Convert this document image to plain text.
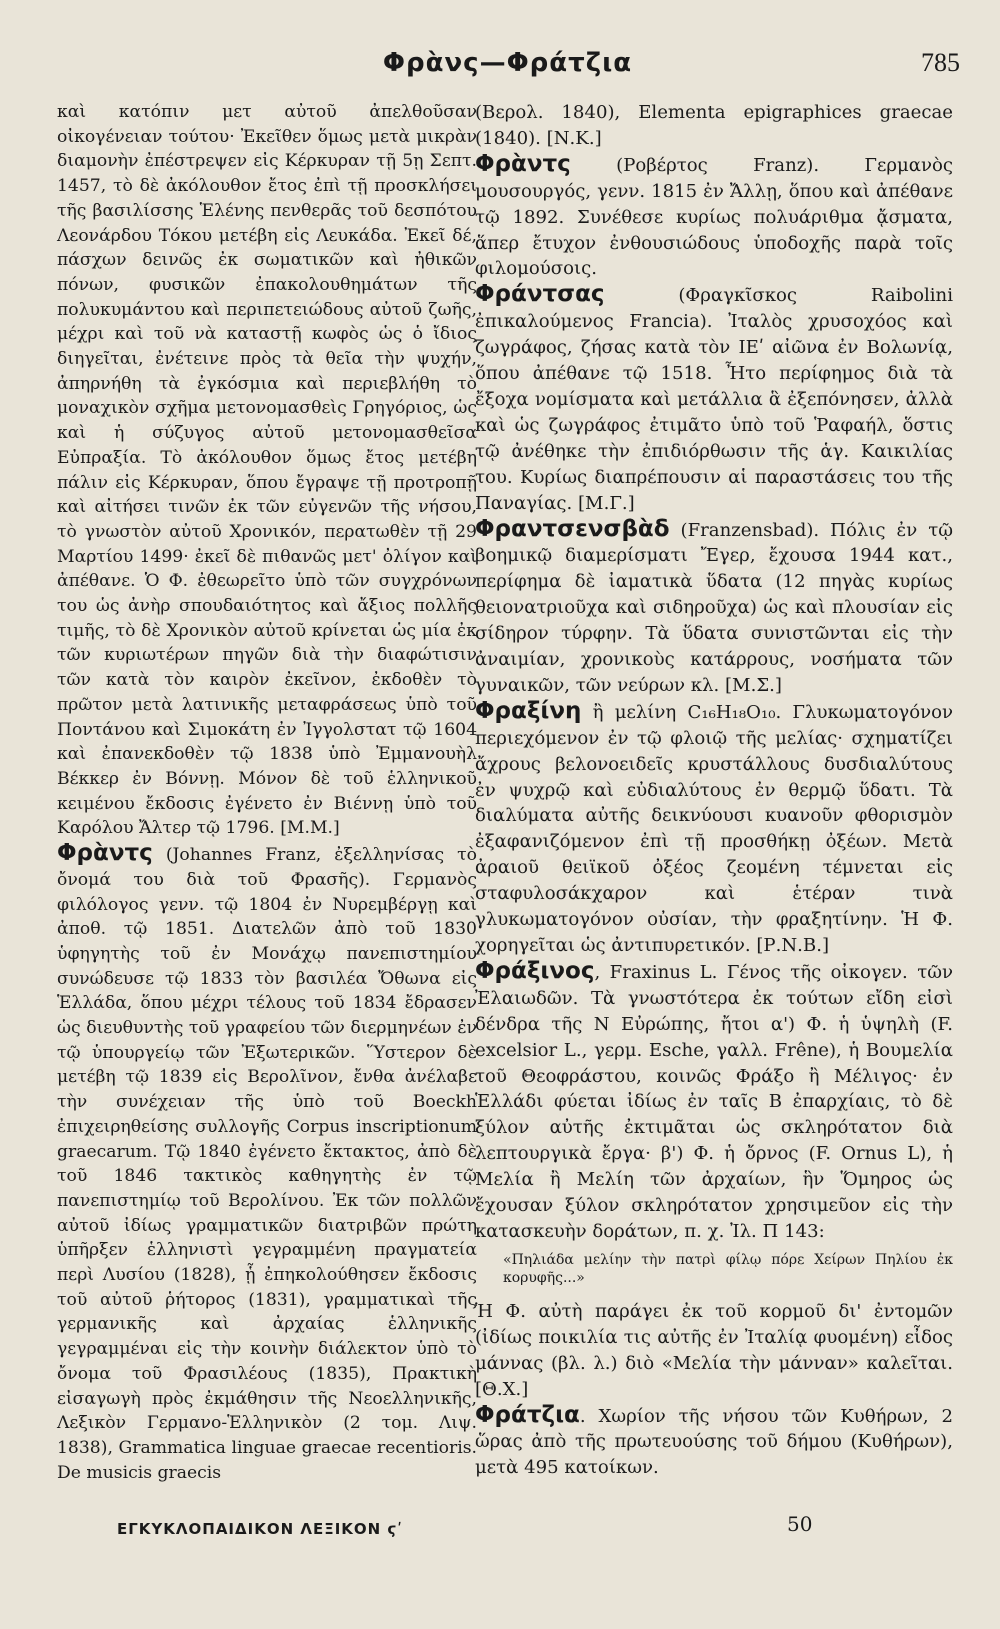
Φρὰνς—Φράτζια	785

καὶ κατόπιν μετ αὐτοῦ ἀπελθοῦσαν οἰκογένειαν τούτου· Ἐκεῖθεν ὅμως μετὰ μικρὰν διαμονὴν ἐπέστρεψεν εἰς Κέρκυραν τῇ 5ῃ Σεπτ. 1457, τὸ δὲ ἀκόλουθον ἔτος ἐπὶ τῇ προσκλήσει τῆς βασιλίσσης Ἑλένης πενθερᾶς τοῦ δεσπότου Λεονάρδου Τόκου μετέβη εἰς Λευκάδα. Ἐκεῖ δέ, πάσχων δεινῶς ἐκ σωματικῶν καὶ ἠθικῶν πόνων, φυσικῶν ἐπακολουθημάτων τῆς πολυκυμάντου καὶ περιπετειώδους αὐτοῦ ζωῆς, μέχρι καὶ τοῦ νὰ καταστῇ κωφὸς ὡς ὁ ἴδιος διηγεῖται, ἐνέτεινε πρὸς τὰ θεῖα τὴν ψυχήν, ἀπηρνήθη τὰ ἐγκόσμια καὶ περιεβλήθη τὸ μοναχικὸν σχῆμα μετονομασθεὶς Γρηγόριος, ὡς καὶ ἡ σύζυγος αὐτοῦ μετονομασθεῖσα Εὐπραξία. Τὸ ἀκόλουθον ὅμως ἔτος μετέβη πάλιν εἰς Κέρκυραν, ὅπου ἔγραψε τῇ προτροπῇ καὶ αἰτήσει τινῶν ἐκ τῶν εὐγενῶν τῆς νήσου, τὸ γνωστὸν αὐτοῦ Χρονικόν, περατωθὲν τῇ 29 Μαρτίου 1499· ἐκεῖ δὲ πιθανῶς μετ' ὀλίγον καὶ ἀπέθανε. Ὁ Φ. ἐθεωρεῖτο ὑπὸ τῶν συγχρόνων του ὡς ἀνὴρ σπουδαιότητος καὶ ἄξιος πολλῆς τιμῆς, τὸ δὲ Χρονικὸν αὐτοῦ κρίνεται ὡς μία ἐκ τῶν κυριωτέρων πηγῶν διὰ τὴν διαφώτισιν τῶν κατὰ τὸν καιρὸν ἐκεῖνον, ἐκδοθὲν τὸ πρῶτον μετὰ λατινικῆς μεταφράσεως ὑπὸ τοῦ Ποντάνου καὶ Σιμοκάτη ἐν Ἰγγολστατ τῷ 1604 καὶ ἐπανεκδοθὲν τῷ 1838 ὑπὸ Ἐμμανουὴλ Βέκκερ ἐν Βόννῃ. Μόνον δὲ τοῦ ἑλληνικοῦ κειμένου ἔκδοσις ἐγένετο ἐν Βιέννῃ ὑπὸ τοῦ Καρόλου Ἄλτερ τῷ 1796. [Μ.Μ.]

Φρὰντς (Johannes Franz, ἐξελληνίσας τὸ ὄνομά του διὰ τοῦ Φρασῆς). Γερμανὸς φιλόλογος γενν. τῷ 1804 ἐν Νυρεμβέργῃ καὶ ἀποθ. τῷ 1851. Διατελῶν ἀπὸ τοῦ 1830 ὑφηγητὴς τοῦ ἐν Μονάχῳ πανεπιστημίου συνώδευσε τῷ 1833 τὸν βασιλέα Ὄθωνα εἰς Ἑλλάδα, ὅπου μέχρι τέλους τοῦ 1834 ἔδρασεν ὡς διευθυντὴς τοῦ γραφείου τῶν διερμηνέων ἐν τῷ ὑπουργείῳ τῶν Ἐξωτερικῶν. Ὕστερον δὲ μετέβη τῷ 1839 εἰς Βερολῖνον, ἔνθα ἀνέλαβε τὴν συνέχειαν τῆς ὑπὸ τοῦ Boeckh ἐπιχειρηθείσης συλλογῆς Corpus inscriptionum graecarum. Τῷ 1840 ἐγένετο ἔκτακτος, ἀπὸ δὲ τοῦ 1846 τακτικὸς καθηγητὴς ἐν τῷ πανεπιστημίῳ τοῦ Βερολίνου. Ἐκ τῶν πολλῶν αὐτοῦ ἰδίως γραμματικῶν διατριβῶν πρώτη ὑπῆρξεν ἑλληνιστὶ γεγραμμένη πραγματεία περὶ Λυσίου (1828), ᾗ ἐπηκολούθησεν ἔκδοσις τοῦ αὐτοῦ ῥήτορος (1831), γραμματικαὶ τῆς γερμανικῆς καὶ ἀρχαίας ἑλληνικῆς γεγραμμέναι εἰς τὴν κοινὴν διάλεκτον ὑπὸ τὸ ὄνομα τοῦ Φρασιλέους (1835), Πρακτικὴ εἰσαγωγὴ πρὸς ἐκμάθησιν τῆς Νεοελληνικῆς, Λεξικὸν Γερμανο-Ἑλληνικὸν (2 τομ. Λιψ. 1838), Grammatica linguae graecae recentioris. De musicis graecis

(Βερολ. 1840), Elementa epigraphices graecae (1840). [Ν.Κ.]

Φρὰντς (Ροβέρτος Franz). Γερμανὸς μουσουργός, γενν. 1815 ἐν Ἄλλῃ, ὅπου καὶ ἀπέθανε τῷ 1892. Συνέθεσε κυρίως πολυάριθμα ᾄσματα, ἅπερ ἔτυχον ἐνθουσιώδους ὑποδοχῆς παρὰ τοῖς φιλομούσοις.

Φράντσας (Φραγκῖσκος Raibolini ἐπικαλούμενος Francia). Ἰταλὸς χρυσοχόος καὶ ζωγράφος, ζήσας κατὰ τὸν ΙΕʹ αἰῶνα ἐν Βολωνίᾳ, ὅπου ἀπέθανε τῷ 1518. Ἦτο περίφημος διὰ τὰ ἔξοχα νομίσματα καὶ μετάλλια ἃ ἐξεπόνησεν, ἀλλὰ καὶ ὡς ζωγράφος ἐτιμᾶτο ὑπὸ τοῦ Ῥαφαήλ, ὅστις τῷ ἀνέθηκε τὴν ἐπιδιόρθωσιν τῆς ἁγ. Καικιλίας του. Κυρίως διαπρέπουσιν αἱ παραστάσεις του τῆς Παναγίας. [Μ.Γ.]

Φραντσενσβὰδ (Franzensbad). Πόλις ἐν τῷ βοημικῷ διαμερίσματι Ἔγερ, ἔχουσα 1944 κατ., περίφημα δὲ ἰαματικὰ ὕδατα (12 πηγὰς κυρίως θειονατριοῦχα καὶ σιδηροῦχα) ὡς καὶ πλουσίαν εἰς σίδηρον τύρφην. Τὰ ὕδατα συνιστῶνται εἰς τὴν ἀναιμίαν, χρονικοὺς κατάρρους, νοσήματα τῶν γυναικῶν, τῶν νεύρων κλ. [Μ.Σ.]

Φραξίνη ἢ μελίνη C₁₆H₁₈O₁₀. Γλυκωματογόνον περιεχόμενον ἐν τῷ φλοιῷ τῆς μελίας· σχηματίζει ἄχρους βελονοειδεῖς κρυστάλλους δυσδιαλύτους ἐν ψυχρῷ καὶ εὐδιαλύτους ἐν θερμῷ ὕδατι. Τὰ διαλύματα αὐτῆς δεικνύουσι κυανοῦν φθορισμὸν ἐξαφανιζόμενον ἐπὶ τῇ προσθήκῃ ὀξέων. Μετὰ ἀραιοῦ θειϊκοῦ ὀξέος ζεομένη τέμνεται εἰς σταφυλοσάκχαρον καὶ ἑτέραν τινὰ γλυκωματογόνον οὐσίαν, τὴν φραξητίνην. Ἡ Φ. χορηγεῖται ὡς ἀντιπυρετικόν. [Ρ.Ν.Β.]

Φράξινος, Fraxinus L. Γένος τῆς οἰκογεν. τῶν Ἐλαιωδῶν. Τὰ γνωστότερα ἐκ τούτων εἴδη εἰσὶ δένδρα τῆς Ν Εὐρώπης, ἤτοι α') Φ. ἡ ὑψηλὴ (F. excelsior L., γερμ. Esche, γαλλ. Frêne), ἡ Βουμελία τοῦ Θεοφράστου, κοινῶς Φράξο ἢ Μέλιγος· ἐν Ἑλλάδι φύεται ἰδίως ἐν ταῖς Β ἐπαρχίαις, τὸ δὲ ξύλον αὐτῆς ἐκτιμᾶται ὡς σκληρότατον διὰ λεπτουργικὰ ἔργα· β') Φ. ἡ ὄρνος (F. Ornus L), ἡ Μελία ἢ Μελίη τῶν ἀρχαίων, ἣν Ὅμηρος ὡς ἔχουσαν ξύλον σκληρότατον χρησιμεῦον εἰς τὴν κατασκευὴν δοράτων, π. χ. Ἰλ. Π 143:

«Πηλιάδα μελίην τὴν πατρὶ φίλῳ πόρε Χείρων Πηλίου ἐκ κορυφῆς...»

Ἡ Φ. αὐτὴ παράγει ἐκ τοῦ κορμοῦ δι' ἐντομῶν (ἰδίως ποικιλία τις αὐτῆς ἐν Ἰταλίᾳ φυομένη) εἶδος μάννας (βλ. λ.) διὸ «Μελία τὴν μάνναν» καλεῖται. [Θ.Χ.]

Φράτζια. Χωρίον τῆς νήσου τῶν Κυθήρων, 2 ὥρας ἀπὸ τῆς πρωτευούσης τοῦ δήμου (Κυθήρων), μετὰ 495 κατοίκων.

ΕΓΚΥΚΛΟΠΑΙΔΙΚΟΝ ΛΕΞΙΚΟΝ ϛʹ	50
